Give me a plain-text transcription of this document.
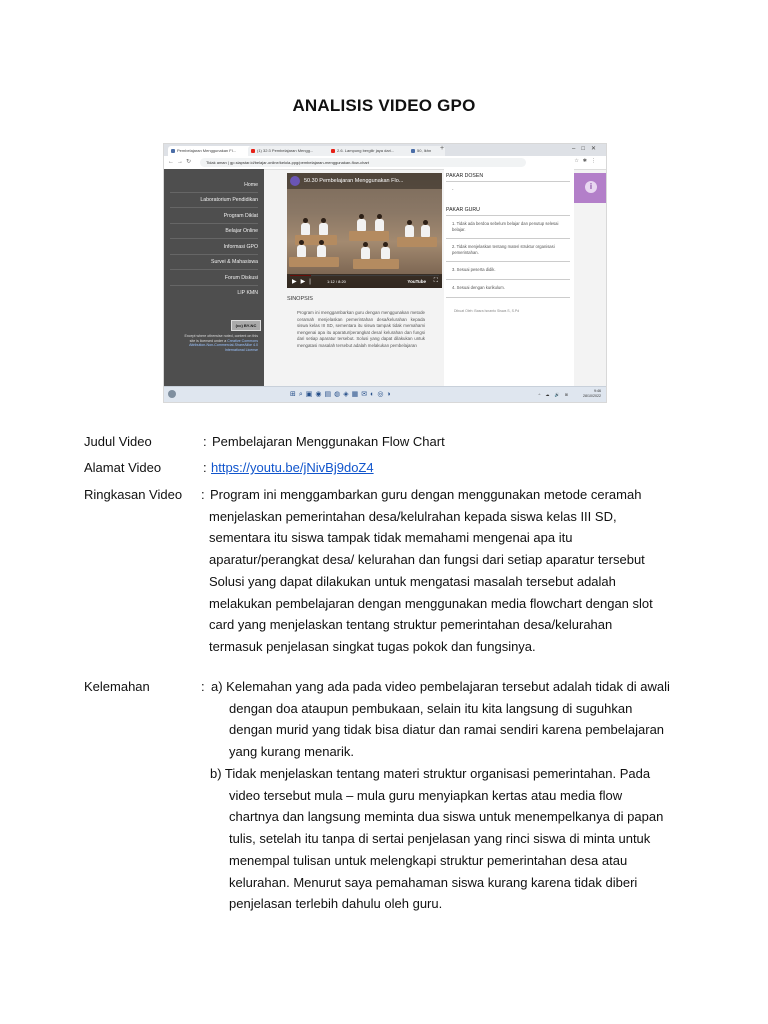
ANALISIS VIDEO GPO
Pembelajaran Menggunakan Fl...	(1) 32:3 Pembelajaran Mengg...	2.6. Lampung bergilir jaya dari...	50, Ikhn	+	–□✕
←→↻	Tidak aman | gp.siapstar.id/belajar-online/kelola-ppg/pembelajaran-menggunakan-flow-chart	☆✱⋮
Home
Laboratorium Pendidikan
Program Diklat
Belajar Online
Informasi GPO
Survei & Mahasiswa
Forum Diskusi
LIP KMN
(cc) BY-NC
Except where otherwise noted, content on this site is licensed under a Creative Commons Attribution-Non-Commercial-ShareAlike 4.0 International License
50.30 Pembelajaran Menggunakan Flo...
▶▶|	1:12 / 8:20	YouTube ⛶
SINOPSIS
Program ini menggambarkan guru dengan menggunakan metode ceramah menjelaskan pemerintahan desa/kelurahan kepada siswa kelas III SD, sementara itu siswa tampak tidak memahami mengenai apa itu aparatur/perangkat desa/ kelurahan dan fungsi dari setiap aparatur tersebut. Solusi yang dapat dilakukan untuk mengatasi masalah tersebut adalah melakukan pembelajaran
PAKAR DOSEN
-
PAKAR GURU
1. Tidak ada berdoa sebelum belajar dan penutup selesai belajar.
2. Tidak menjelaskan tentang materi struktur organisasi pemerintahan.
3. Sesuai peserta didik.
4. Sesuai dengan kurikulum.
Dibuat Oleh: Basra Isnanto Siswa S, S.Pd
i
⊞⌕▣◉▤◍◈▦✉◐◎◑	^ ☁ 🔊 ⊞
9:46
28/10/2022
Judul Video	: Pembelajaran Menggunakan Flow Chart
Alamat Video	: https://youtu.be/jNivBj9doZ4
Ringkasan Video : Program ini menggambarkan guru dengan menggunakan metode ceramah
menjelaskan pemerintahan desa/kelulrahan kepada siswa kelas III SD,
sementara itu siswa tampak tidak memahami mengenai apa itu
aparatur/perangkat desa/ kelurahan dan fungsi dari setiap aparatur tersebut
Solusi yang dapat dilakukan untuk mengatasi masalah tersebut adalah
melakukan pembelajaran dengan menggunakan media flowchart dengan slot
card yang menjelaskan tentang struktur pemerintahan desa/kelurahan
termasuk penjelasan singkat tugas pokok dan fungsinya.
Kelemahan	: a) Kelemahan yang ada pada video pembelajaran tersebut adalah tidak di awali
dengan doa ataupun pembukaan, selain itu kita langsung di suguhkan
dengan murid yang tidak bisa diatur dan ramai sendiri karena pembelajaran
yang kurang menarik.
b) Tidak menjelaskan tentang materi struktur organisasi pemerintahan. Pada
video tersebut mula – mula guru menyiapkan kertas atau media flow
chartnya dan langsung meminta dua siswa untuk menempelkanya di papan
tulis, setelah itu tanpa di sertai penjelasan yang rinci siswa di minta untuk
menempal tulisan untuk melengkapi struktur pemerintahan desa atau
kelurahan. Menurut saya pemahaman siswa kurang karena tidak diberi
penjelasan terlebih dahulu oleh guru.
